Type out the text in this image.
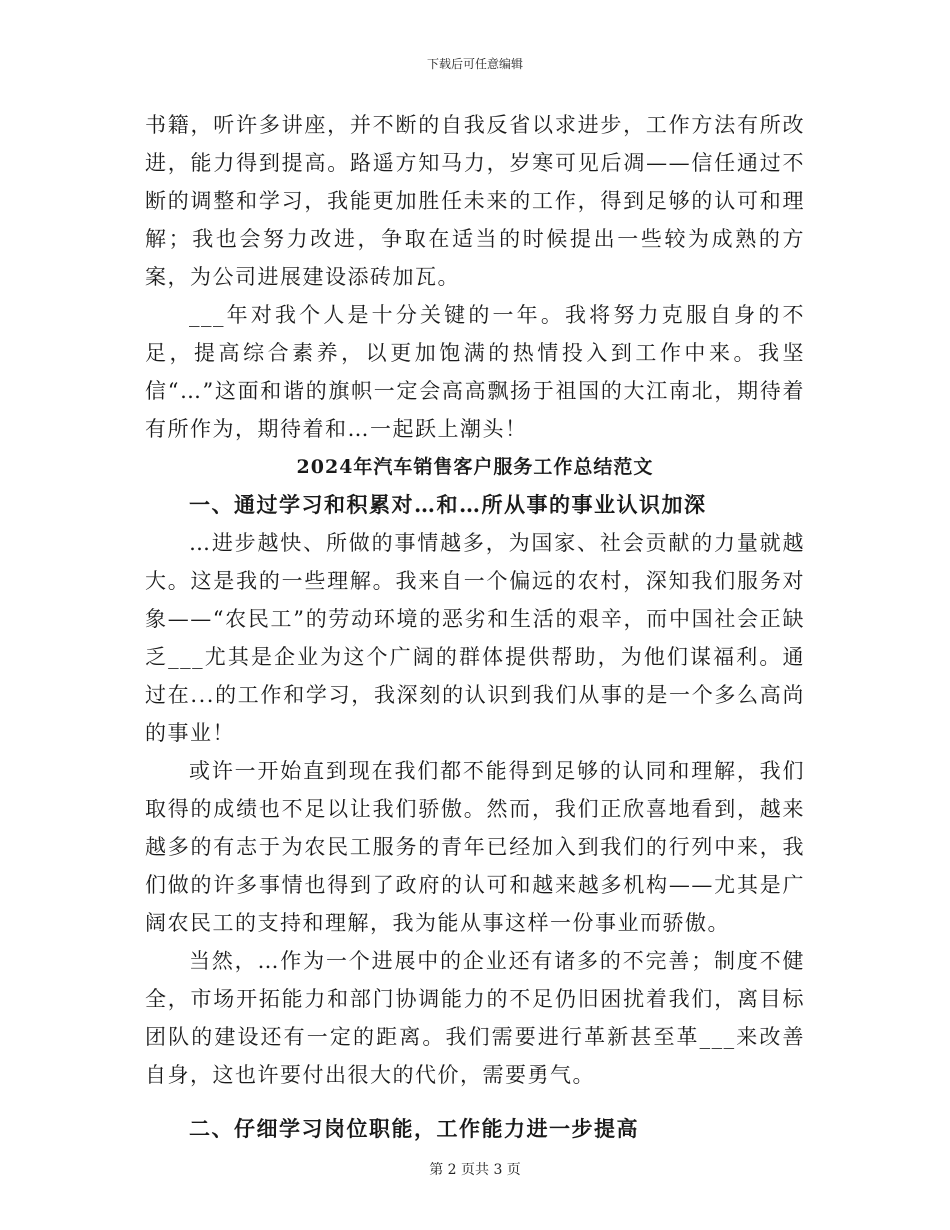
下载后可任意编辑

书籍，听许多讲座，并不断的自我反省以求进步，工作方法有所改进，能力得到提高。路遥方知马力，岁寒可见后凋——信任通过不断的调整和学习，我能更加胜任未来的工作，得到足够的认可和理解；我也会努力改进，争取在适当的时候提出一些较为成熟的方案，为公司进展建设添砖加瓦。

___年对我个人是十分关键的一年。我将努力克服自身的不足，提高综合素养，以更加饱满的热情投入到工作中来。我坚信“…”这面和谐的旗帜一定会高高飘扬于祖国的大江南北，期待着有所作为，期待着和…一起跃上潮头！

2024年汽车销售客户服务工作总结范文

一、通过学习和积累对…和…所从事的事业认识加深

…进步越快、所做的事情越多，为国家、社会贡献的力量就越大。这是我的一些理解。我来自一个偏远的农村，深知我们服务对象——“农民工”的劳动环境的恶劣和生活的艰辛，而中国社会正缺乏___尤其是企业为这个广阔的群体提供帮助，为他们谋福利。通过在...的工作和学习，我深刻的认识到我们从事的是一个多么高尚的事业！

或许一开始直到现在我们都不能得到足够的认同和理解，我们取得的成绩也不足以让我们骄傲。然而，我们正欣喜地看到，越来越多的有志于为农民工服务的青年已经加入到我们的行列中来，我们做的许多事情也得到了政府的认可和越来越多机构——尤其是广阔农民工的支持和理解，我为能从事这样一份事业而骄傲。

当然，…作为一个进展中的企业还有诸多的不完善；制度不健全，市场开拓能力和部门协调能力的不足仍旧困扰着我们，离目标团队的建设还有一定的距离。我们需要进行革新甚至革___来改善自身，这也许要付出很大的代价，需要勇气。

二、仔细学习岗位职能，工作能力进一步提高

第 2 页共 3 页
